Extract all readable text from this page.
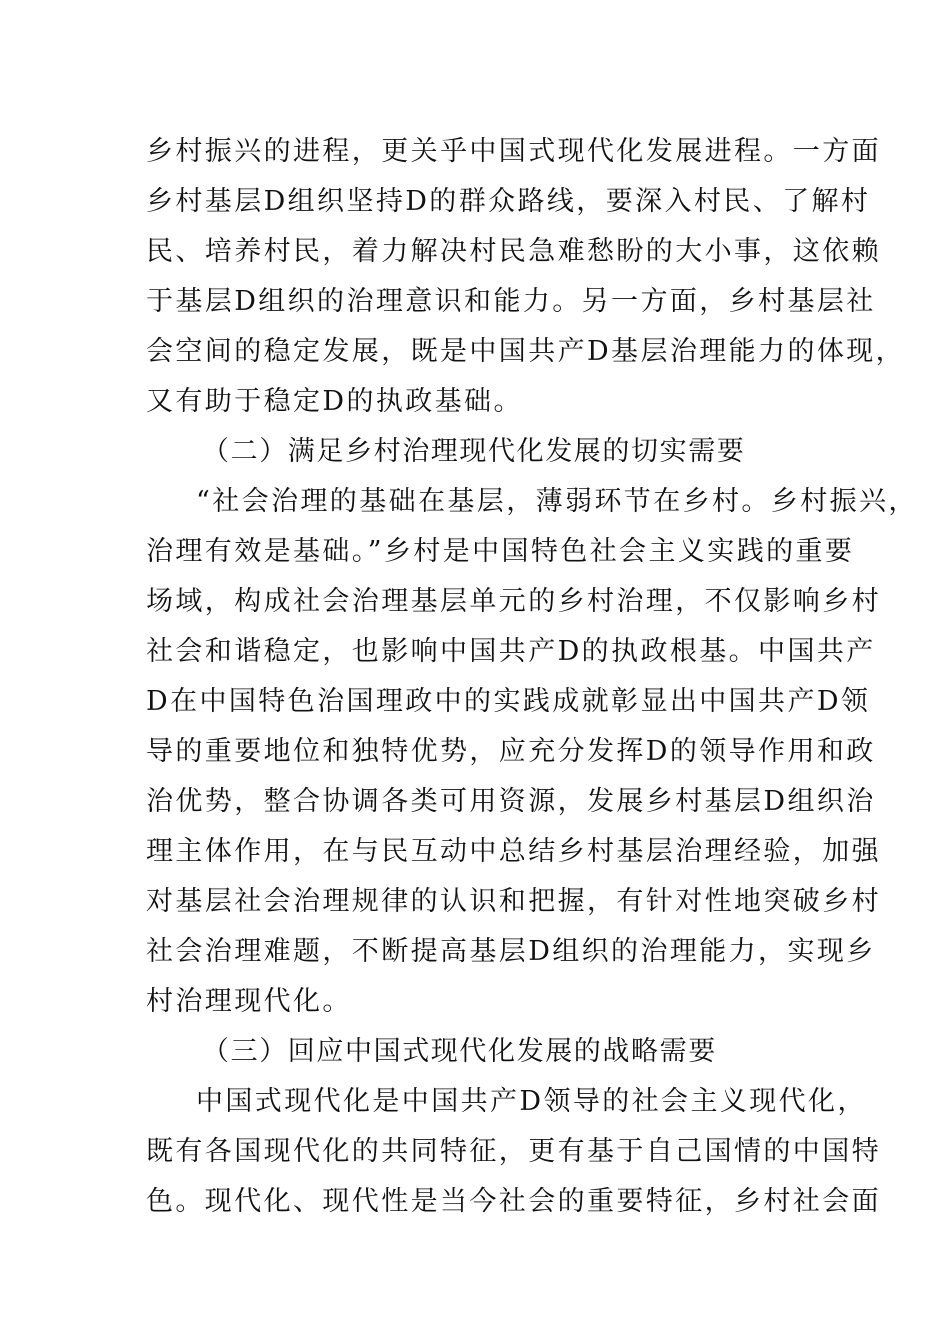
乡村振兴的进程，更关乎中国式现代化发展进程。一方面
乡村基层D组织坚持D的群众路线，要深入村民、了解村
民、培养村民，着力解决村民急难愁盼的大小事，这依赖
于基层D组织的治理意识和能力。另一方面，乡村基层社
会空间的稳定发展，既是中国共产D基层治理能力的体现，
又有助于稳定D的执政基础。
（二）满足乡村治理现代化发展的切实需要
“社会治理的基础在基层，薄弱环节在乡村。乡村振兴，
治理有效是基础。”乡村是中国特色社会主义实践的重要
场域，构成社会治理基层单元的乡村治理，不仅影响乡村
社会和谐稳定，也影响中国共产D的执政根基。中国共产
D在中国特色治国理政中的实践成就彰显出中国共产D领
导的重要地位和独特优势，应充分发挥D的领导作用和政
治优势，整合协调各类可用资源，发展乡村基层D组织治
理主体作用，在与民互动中总结乡村基层治理经验，加强
对基层社会治理规律的认识和把握，有针对性地突破乡村
社会治理难题，不断提高基层D组织的治理能力，实现乡
村治理现代化。
（三）回应中国式现代化发展的战略需要
中国式现代化是中国共产D领导的社会主义现代化，
既有各国现代化的共同特征，更有基于自己国情的中国特
色。现代化、现代性是当今社会的重要特征，乡村社会面
